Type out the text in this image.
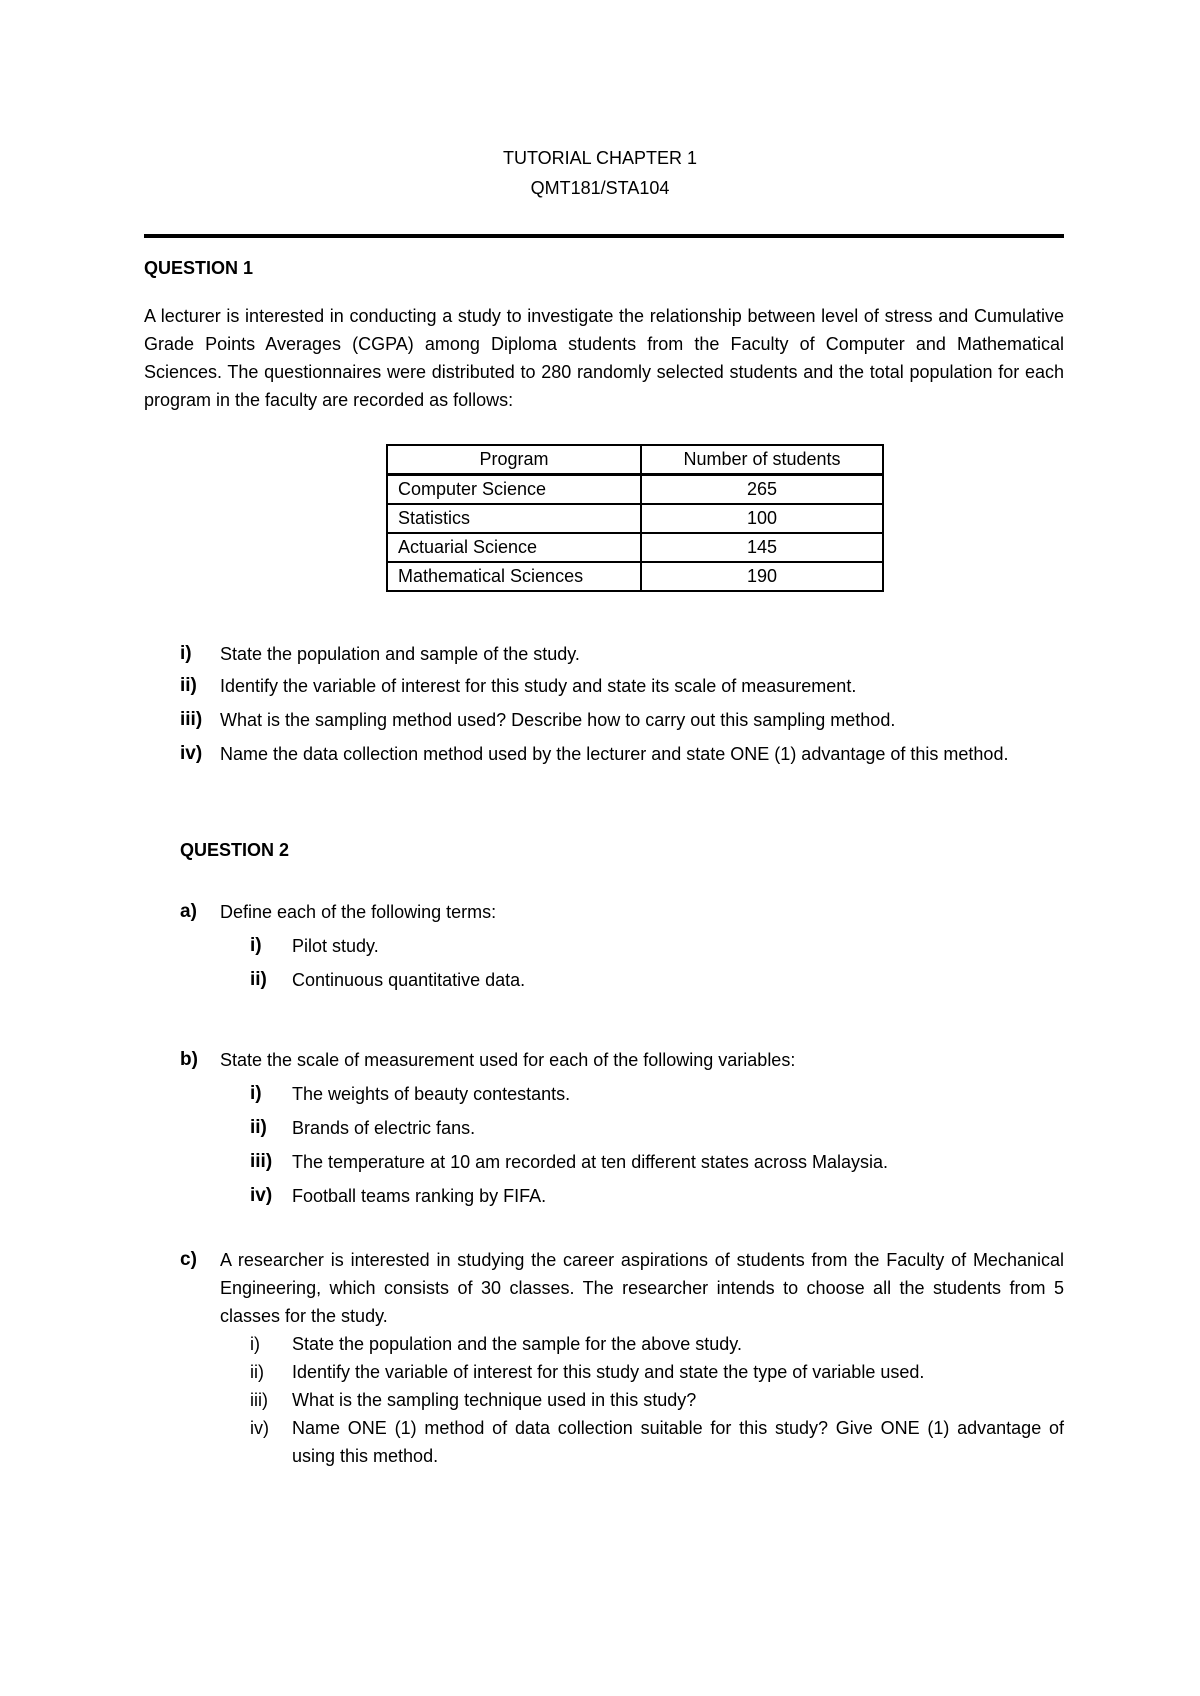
TUTORIAL CHAPTER 1
QMT181/STA104
QUESTION 1
A lecturer is interested in conducting a study to investigate the relationship between level of stress and Cumulative Grade Points Averages (CGPA) among Diploma students from the Faculty of Computer and Mathematical Sciences. The questionnaires were distributed to 280 randomly selected students and the total population for each program in the faculty are recorded as follows:
Program	Number of students
Computer Science	265
Statistics	100
Actuarial Science	145
Mathematical Sciences	190
i) State the population and sample of the study.
ii) Identify the variable of interest for this study and state its scale of measurement.
iii) What is the sampling method used? Describe how to carry out this sampling method.
iv) Name the data collection method used by the lecturer and state ONE (1) advantage of this method.
QUESTION 2
a) Define each of the following terms:
i) Pilot study.
ii) Continuous quantitative data.
b) State the scale of measurement used for each of the following variables:
i) The weights of beauty contestants.
ii) Brands of electric fans.
iii) The temperature at 10 am recorded at ten different states across Malaysia.
iv) Football teams ranking by FIFA.
c) A researcher is interested in studying the career aspirations of students from the Faculty of Mechanical Engineering, which consists of 30 classes. The researcher intends to choose all the students from 5 classes for the study.
i) State the population and the sample for the above study.
ii) Identify the variable of interest for this study and state the type of variable used.
iii) What is the sampling technique used in this study?
iv) Name ONE (1) method of data collection suitable for this study? Give ONE (1) advantage of using this method.
